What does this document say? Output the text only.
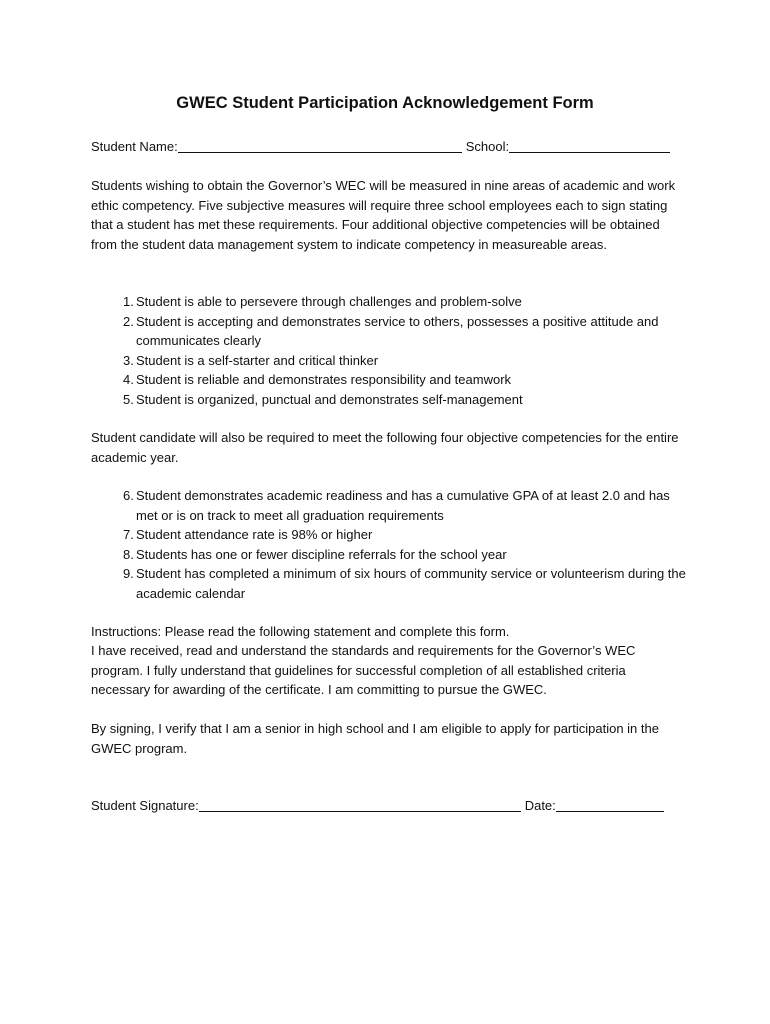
GWEC Student Participation Acknowledgement Form
Student Name:	School:

Students wishing to obtain the Governor’s WEC will be measured in nine areas of academic and work ethic competency. Five subjective measures will require three school employees each to sign stating that a student has met these requirements. Four additional objective competencies will be obtained from the student data management system to indicate competency in measureable areas.

1. Student is able to persevere through challenges and problem-solve
2. Student is accepting and demonstrates service to others, possesses a positive attitude and communicates clearly
3. Student is a self-starter and critical thinker
4. Student is reliable and demonstrates responsibility and teamwork
5. Student is organized, punctual and demonstrates self-management

Student candidate will also be required to meet the following four objective competencies for the entire academic year.

6. Student demonstrates academic readiness and has a cumulative GPA of at least 2.0 and has met or is on track to meet all graduation requirements
7. Student attendance rate is 98% or higher
8. Students has one or fewer discipline referrals for the school year
9. Student has completed a minimum of six hours of community service or volunteerism during the academic calendar

Instructions: Please read the following statement and complete this form.

I have received, read and understand the standards and requirements for the Governor’s WEC program. I fully understand that guidelines for successful completion of all established criteria necessary for awarding of the certificate. I am committing to pursue the GWEC.

By signing, I verify that I am a senior in high school and I am eligible to apply for participation in the GWEC program.

Student Signature:	Date:
